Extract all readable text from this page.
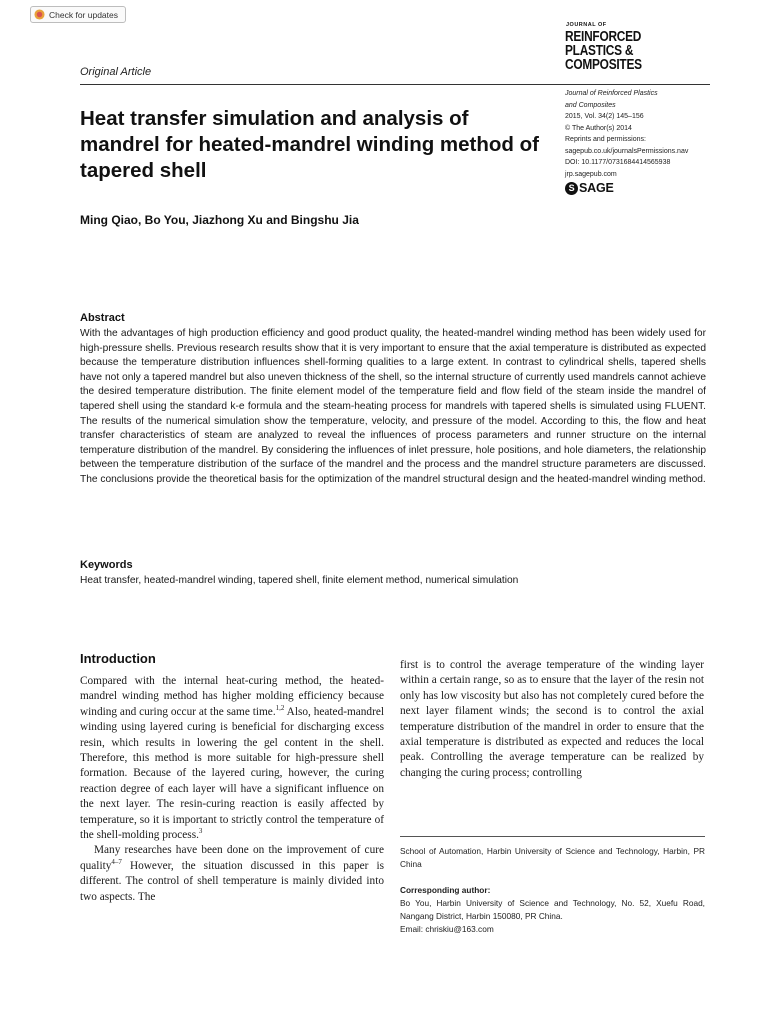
Check for updates
Original Article
JOURNAL OF
REINFORCED
PLASTICS &
COMPOSITES
Journal of Reinforced Plastics
and Composites
2015, Vol. 34(2) 145–156
© The Author(s) 2014
Reprints and permissions:
sagepub.co.uk/journalsPermissions.nav
DOI: 10.1177/0731684414565938
jrp.sagepub.com
S SAGE
Heat transfer simulation and analysis of mandrel for heated-mandrel winding method of tapered shell
Ming Qiao, Bo You, Jiazhong Xu and Bingshu Jia
Abstract
With the advantages of high production efficiency and good product quality, the heated-mandrel winding method has been widely used for high-pressure shells. Previous research results show that it is very important to ensure that the axial temperature is distributed as expected because the temperature distribution influences shell-forming qualities to a large extent. In contrast to cylindrical shells, tapered shells have not only a tapered mandrel but also uneven thickness of the shell, so the internal structure of currently used mandrels cannot achieve the desired temperature distribution. The finite element model of the temperature field and flow field of the steam inside the mandrel of tapered shell using the standard k-e formula and the steam-heating process for mandrels with tapered shells is simulated using FLUENT. The results of the numerical simulation show the temperature, velocity, and pressure of the model. According to this, the flow and heat transfer characteristics of steam are analyzed to reveal the influences of process parameters and runner structure on the internal temperature distribution of the mandrel. By considering the influences of inlet pressure, hole positions, and hole diameters, the relationship between the temperature distribution of the surface of the mandrel and the process and the mandrel structure parameters are discussed. The conclusions provide the theoretical basis for the optimization of the mandrel structural design and the heated-mandrel winding method.
Keywords
Heat transfer, heated-mandrel winding, tapered shell, finite element method, numerical simulation
Introduction

Compared with the internal heat-curing method, the heated-mandrel winding method has higher molding efficiency because winding and curing occur at the same time.$^{1,2}$ Also, heated-mandrel winding using layered curing is beneficial for discharging excess resin, which results in lowering the gel content in the shell. Therefore, this method is more suitable for high-pressure shell formation. Because of the layered curing, however, the curing reaction degree of each layer will have a significant influence on the next layer. The resin-curing reaction is easily affected by temperature, so it is important to strictly control the temperature of the shell-molding process.$^3$

Many researches have been done on the improvement of cure quality$^{4-7}$ However, the situation discussed in this paper is different. The control of shell temperature is mainly divided into two aspects. The

first is to control the average temperature of the winding layer within a certain range, so as to ensure that the layer of the resin not only has low viscosity but also has not completely cured before the next layer filament winds; the second is to control the axial temperature distribution of the mandrel in order to ensure that the axial temperature is distributed as expected and reduces the local peak. Controlling the average temperature can be realized by changing the curing process; controlling

School of Automation, Harbin University of Science and Technology, Harbin, PR China
Corresponding author:
Bo You, Harbin University of Science and Technology, No. 52, Xuefu Road, Nangang District, Harbin 150080, PR China.
Email: chriskiu@163.com
